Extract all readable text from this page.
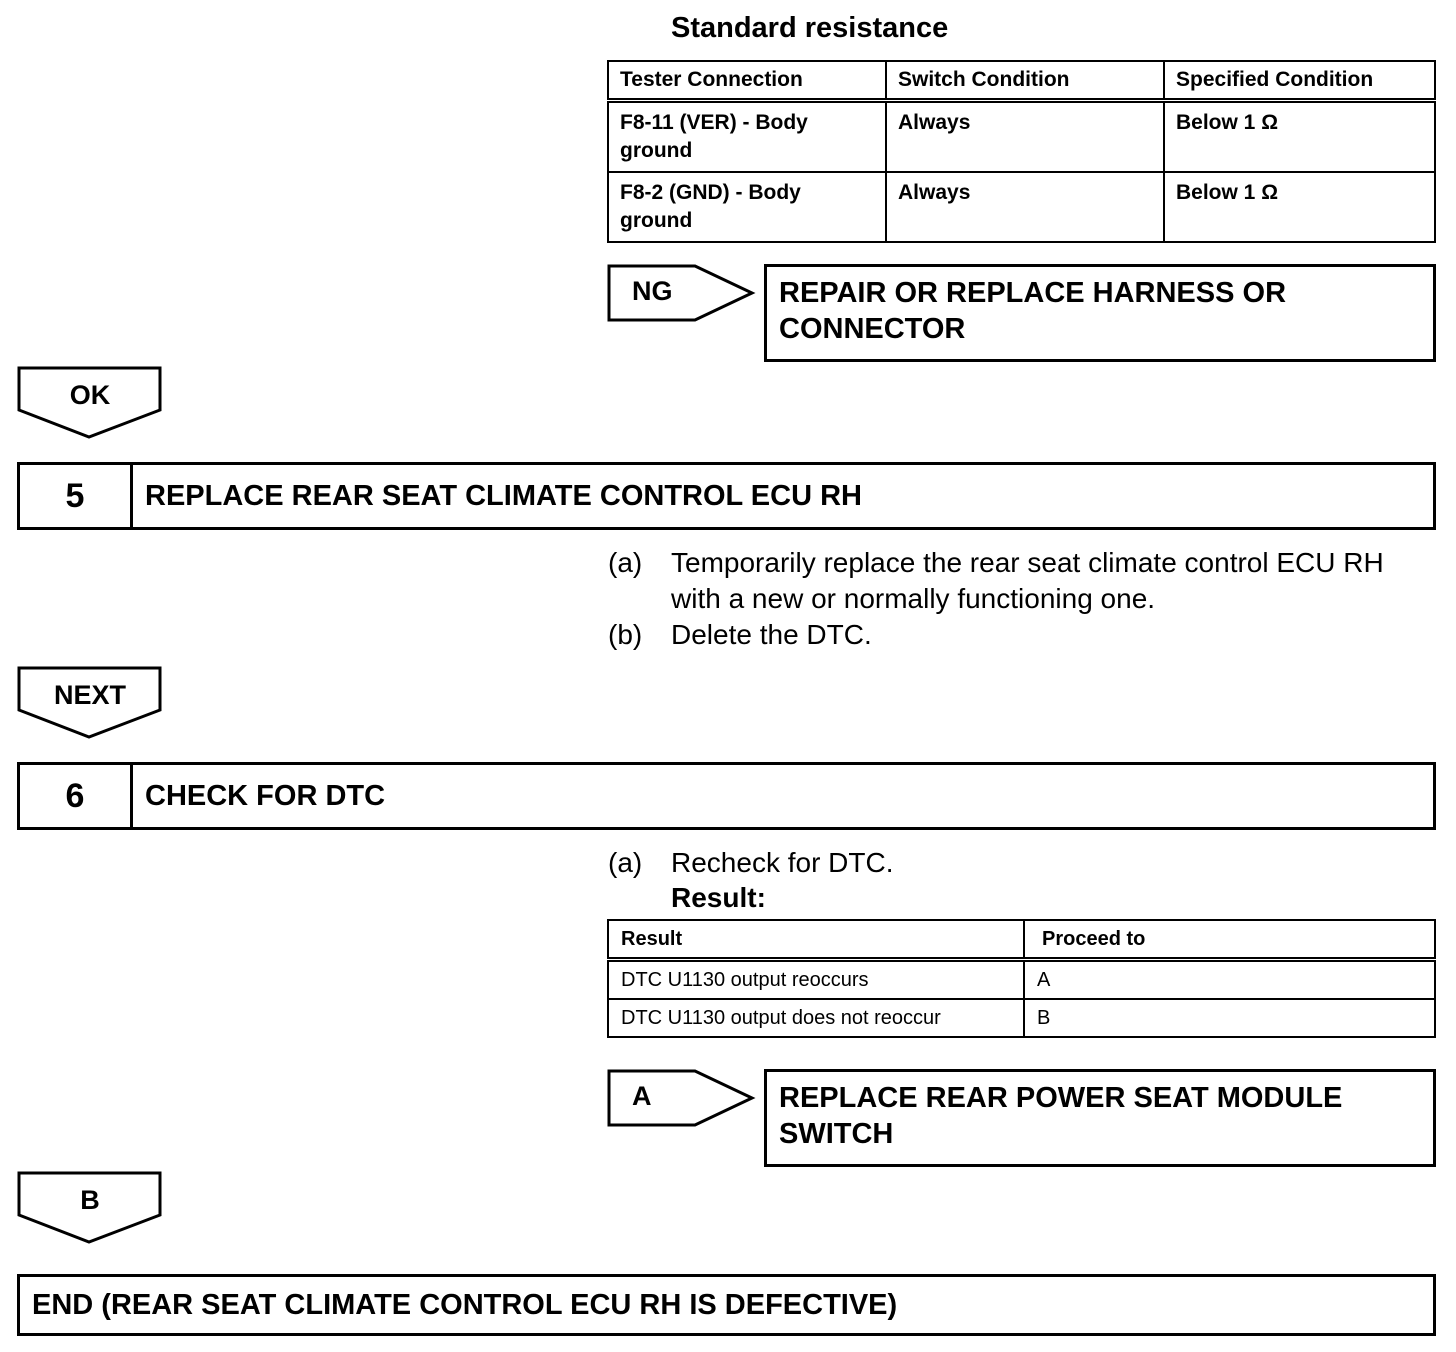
Standard resistance
Tester Connection	Switch Condition	Specified Condition
F8-11 (VER) - Body ground	Always	Below 1 Ω
F8-2 (GND) - Body ground	Always	Below 1 Ω
NG	REPAIR OR REPLACE HARNESS OR CONNECTOR
OK
5	REPLACE REAR SEAT CLIMATE CONTROL ECU RH
(a) Temporarily replace the rear seat climate control ECU RH with a new or normally functioning one.
(b) Delete the DTC.
NEXT
6	CHECK FOR DTC
(a) Recheck for DTC.
Result:
Result	Proceed to
DTC U1130 output reoccurs	A
DTC U1130 output does not reoccur	B
A	REPLACE REAR POWER SEAT MODULE SWITCH
B
END (REAR SEAT CLIMATE CONTROL ECU RH IS DEFECTIVE)
